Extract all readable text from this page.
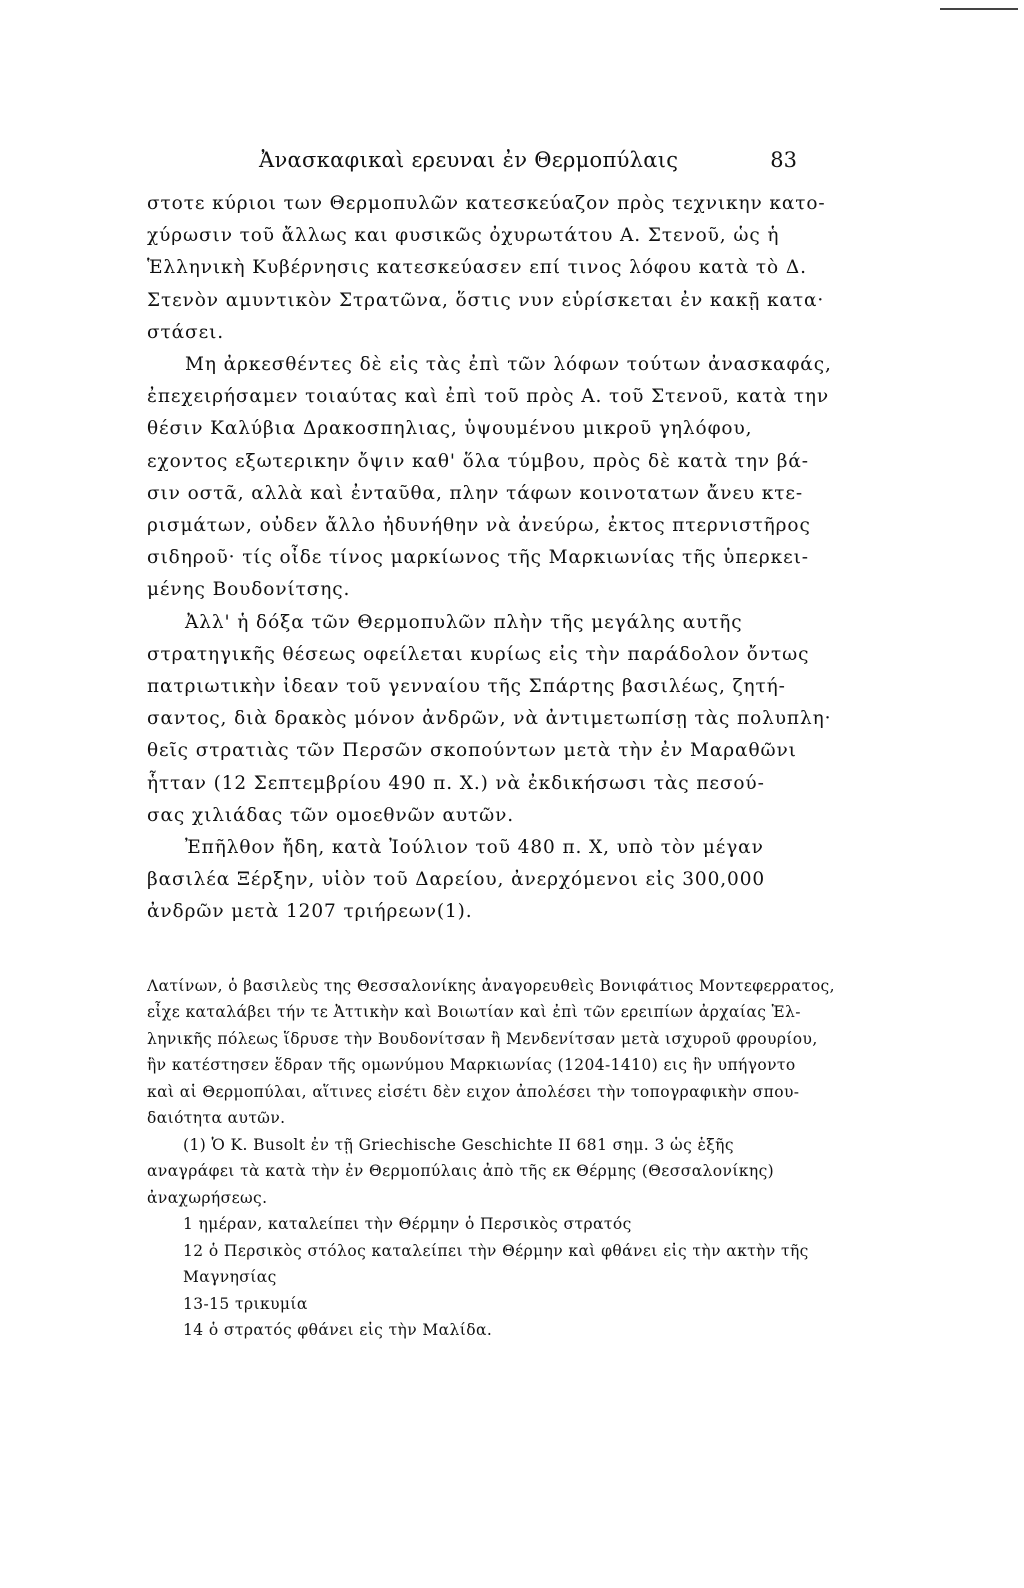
Ἀνασκαφικαὶ ερευναι ἐν Θερμοπύλαις	83
στοτε κύριοι των Θερμοπυλῶν κατεσκεύαζον πρὸς τεχνικην κατο-
χύρωσιν τοῦ ἄλλως και φυσικῶς ὀχυρωτάτου Α. Στενοῦ, ὡς ἡ
Ἑλληνικὴ Κυβέρνησις κατεσκεύασεν επί τινος λόφου κατὰ τὸ Δ.
Στενὸν αμυντικὸν Στρατῶνα, ὅστις νυν εὑρίσκεται ἐν κακῇ κατα·
στάσει.
Μη ἀρκεσθέντες δὲ εἰς τὰς ἐπὶ τῶν λόφων τούτων ἀνασκαφάς,
ἐπεχειρήσαμεν τοιαύτας καὶ ἐπὶ τοῦ πρὸς Α. τοῦ Στενοῦ, κατὰ την
θέσιν Καλύβια Δρακοσπηλιας, ὑψουμένου μικροῦ γηλόφου,
εχοντος εξωτερικην ὄψιν καθ' ὅλα τύμβου, πρὸς δὲ κατὰ την βά-
σιν οστᾶ, αλλὰ καὶ ἐνταῦθα, πλην τάφων κοινοτατων ἄνευ κτε-
ρισμάτων, οὐδεν ἄλλο ἠδυνήθην νὰ ἀνεύρω, ἐκτος πτερνιστῆρος
σιδηροῦ· τίς οἶδε τίνος μαρκίωνος τῆς Μαρκιωνίας τῆς ὑπερκει-
μένης Βουδονίτσης.
Ἀλλ' ἡ δόξα τῶν Θερμοπυλῶν πλὴν τῆς μεγάλης αυτῆς
στρατηγικῆς θέσεως οφείλεται κυρίως εἰς τὴν παράδολον ὄντως
πατριωτικὴν ἰδεαν τοῦ γενναίου τῆς Σπάρτης βασιλέως, ζητή-
σαντος, διὰ δρακὸς μόνον ἀνδρῶν, νὰ ἀντιμετωπίσῃ τὰς πολυπλη·
θεῖς στρατιὰς τῶν Περσῶν σκοπούντων μετὰ τὴν ἐν Μαραθῶνι
ἧτταν (12 Σεπτεμβρίου 490 π. Χ.) νὰ ἐκδικήσωσι τὰς πεσού-
σας χιλιάδας τῶν ομοεθνῶν αυτῶν.
Ἐπῆλθον ἤδη, κατὰ Ἰούλιον τοῦ 480 π. Χ, υπὸ τὸν μέγαν
βασιλέα Ξέρξην, υἱὸν τοῦ Δαρείου, ἀνερχόμενοι εἰς 300,000
ἀνδρῶν μετὰ 1207 τριήρεων(1).
Λατίνων, ὁ βασιλεὺς της Θεσσαλονίκης ἀναγορευθεὶς Βονιφάτιος Μοντεφερρατος,
εἶχε καταλάβει τήν τε Ἀττικὴν καὶ Βοιωτίαν καὶ ἐπὶ τῶν ερειπίων ἀρχαίας Ἑλ-
ληνικῆς πόλεως ἵδρυσε τὴν Βουδονίτσαν ἢ Μενδενίτσαν μετὰ ισχυροῦ φρουρίου,
ἣν κατέστησεν ἕδραν τῆς ομωνύμου Μαρκιωνίας (1204-1410) εις ἣν υπήγοντο
καὶ αἱ Θερμοπύλαι, αἵτινες εἰσέτι δὲν ειχον ἀπολέσει τὴν τοπογραφικὴν σπου-
δαιότητα αυτῶν.
(1) Ὁ Κ. Busolt ἐν τῇ Griechische Geschichte II 681 σημ. 3 ὡς ἑξῆς
αναγράφει τὰ κατὰ τὴν ἐν Θερμοπύλαις ἀπὸ τῆς εκ Θέρμης (Θεσσαλονίκης)
ἀναχωρήσεως.
1 ημέραν, καταλείπει τὴν Θέρμην ὁ Περσικὸς στρατός
12 ὁ Περσικὸς στόλος καταλείπει τὴν Θέρμην καὶ φθάνει εἰς τὴν ακτὴν τῆς
Μαγνησίας
13-15 τρικυμία
14 ὁ στρατός φθάνει εἰς τὴν Μαλίδα.
